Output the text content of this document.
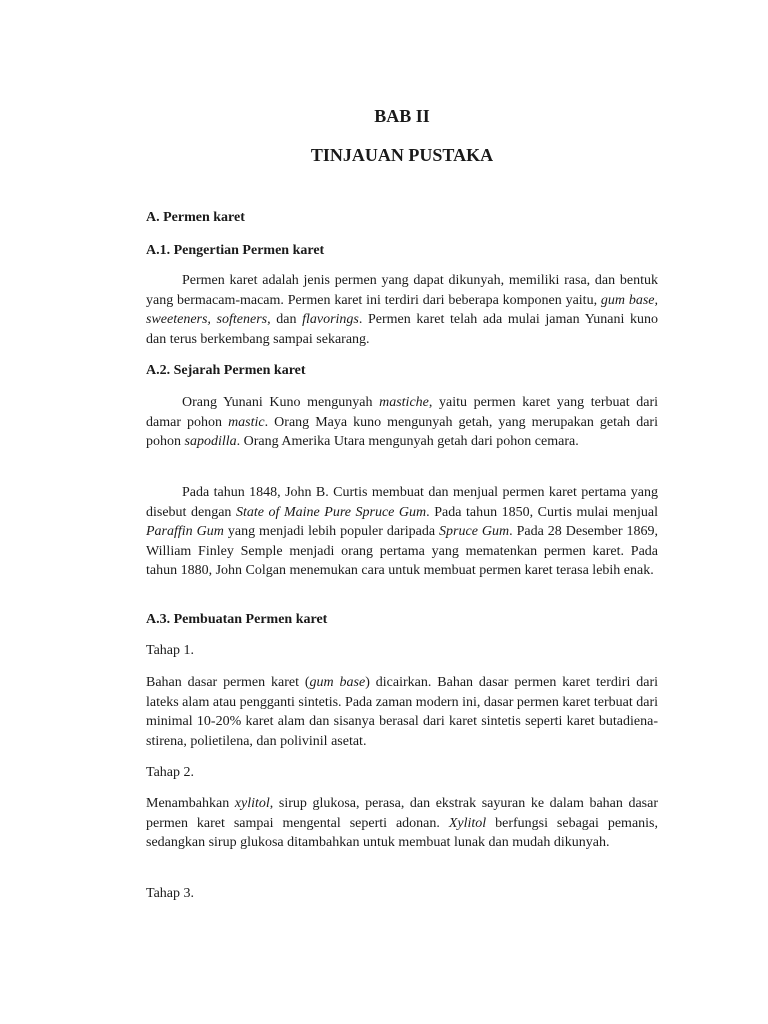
BAB II
TINJAUAN PUSTAKA
A. Permen karet
A.1. Pengertian Permen karet

Permen karet adalah jenis permen yang dapat dikunyah, memiliki rasa, dan bentuk yang bermacam-macam. Permen karet ini terdiri dari beberapa komponen yaitu, gum base, sweeteners, softeners, dan flavorings. Permen karet telah ada mulai jaman Yunani kuno dan terus berkembang sampai sekarang.

A.2. Sejarah Permen karet

Orang Yunani Kuno mengunyah mastiche, yaitu permen karet yang terbuat dari damar pohon mastic. Orang Maya kuno mengunyah getah, yang merupakan getah dari pohon sapodilla. Orang Amerika Utara mengunyah getah dari pohon cemara.

Pada tahun 1848, John B. Curtis membuat dan menjual permen karet pertama yang disebut dengan State of Maine Pure Spruce Gum. Pada tahun 1850, Curtis mulai menjual Paraffin Gum yang menjadi lebih populer daripada Spruce Gum. Pada 28 Desember 1869, William Finley Semple menjadi orang pertama yang mematenkan permen karet. Pada tahun 1880, John Colgan menemukan cara untuk membuat permen karet terasa lebih enak.

A.3. Pembuatan Permen karet

Tahap 1.

Bahan dasar permen karet (gum base) dicairkan. Bahan dasar permen karet terdiri dari lateks alam atau pengganti sintetis. Pada zaman modern ini, dasar permen karet terbuat dari minimal 10-20% karet alam dan sisanya berasal dari karet sintetis seperti karet butadiena-stirena, polietilena, dan polivinil asetat.

Tahap 2.

Menambahkan xylitol, sirup glukosa, perasa, dan ekstrak sayuran ke dalam bahan dasar permen karet sampai mengental seperti adonan. Xylitol berfungsi sebagai pemanis, sedangkan sirup glukosa ditambahkan untuk membuat lunak dan mudah dikunyah.

Tahap 3.
